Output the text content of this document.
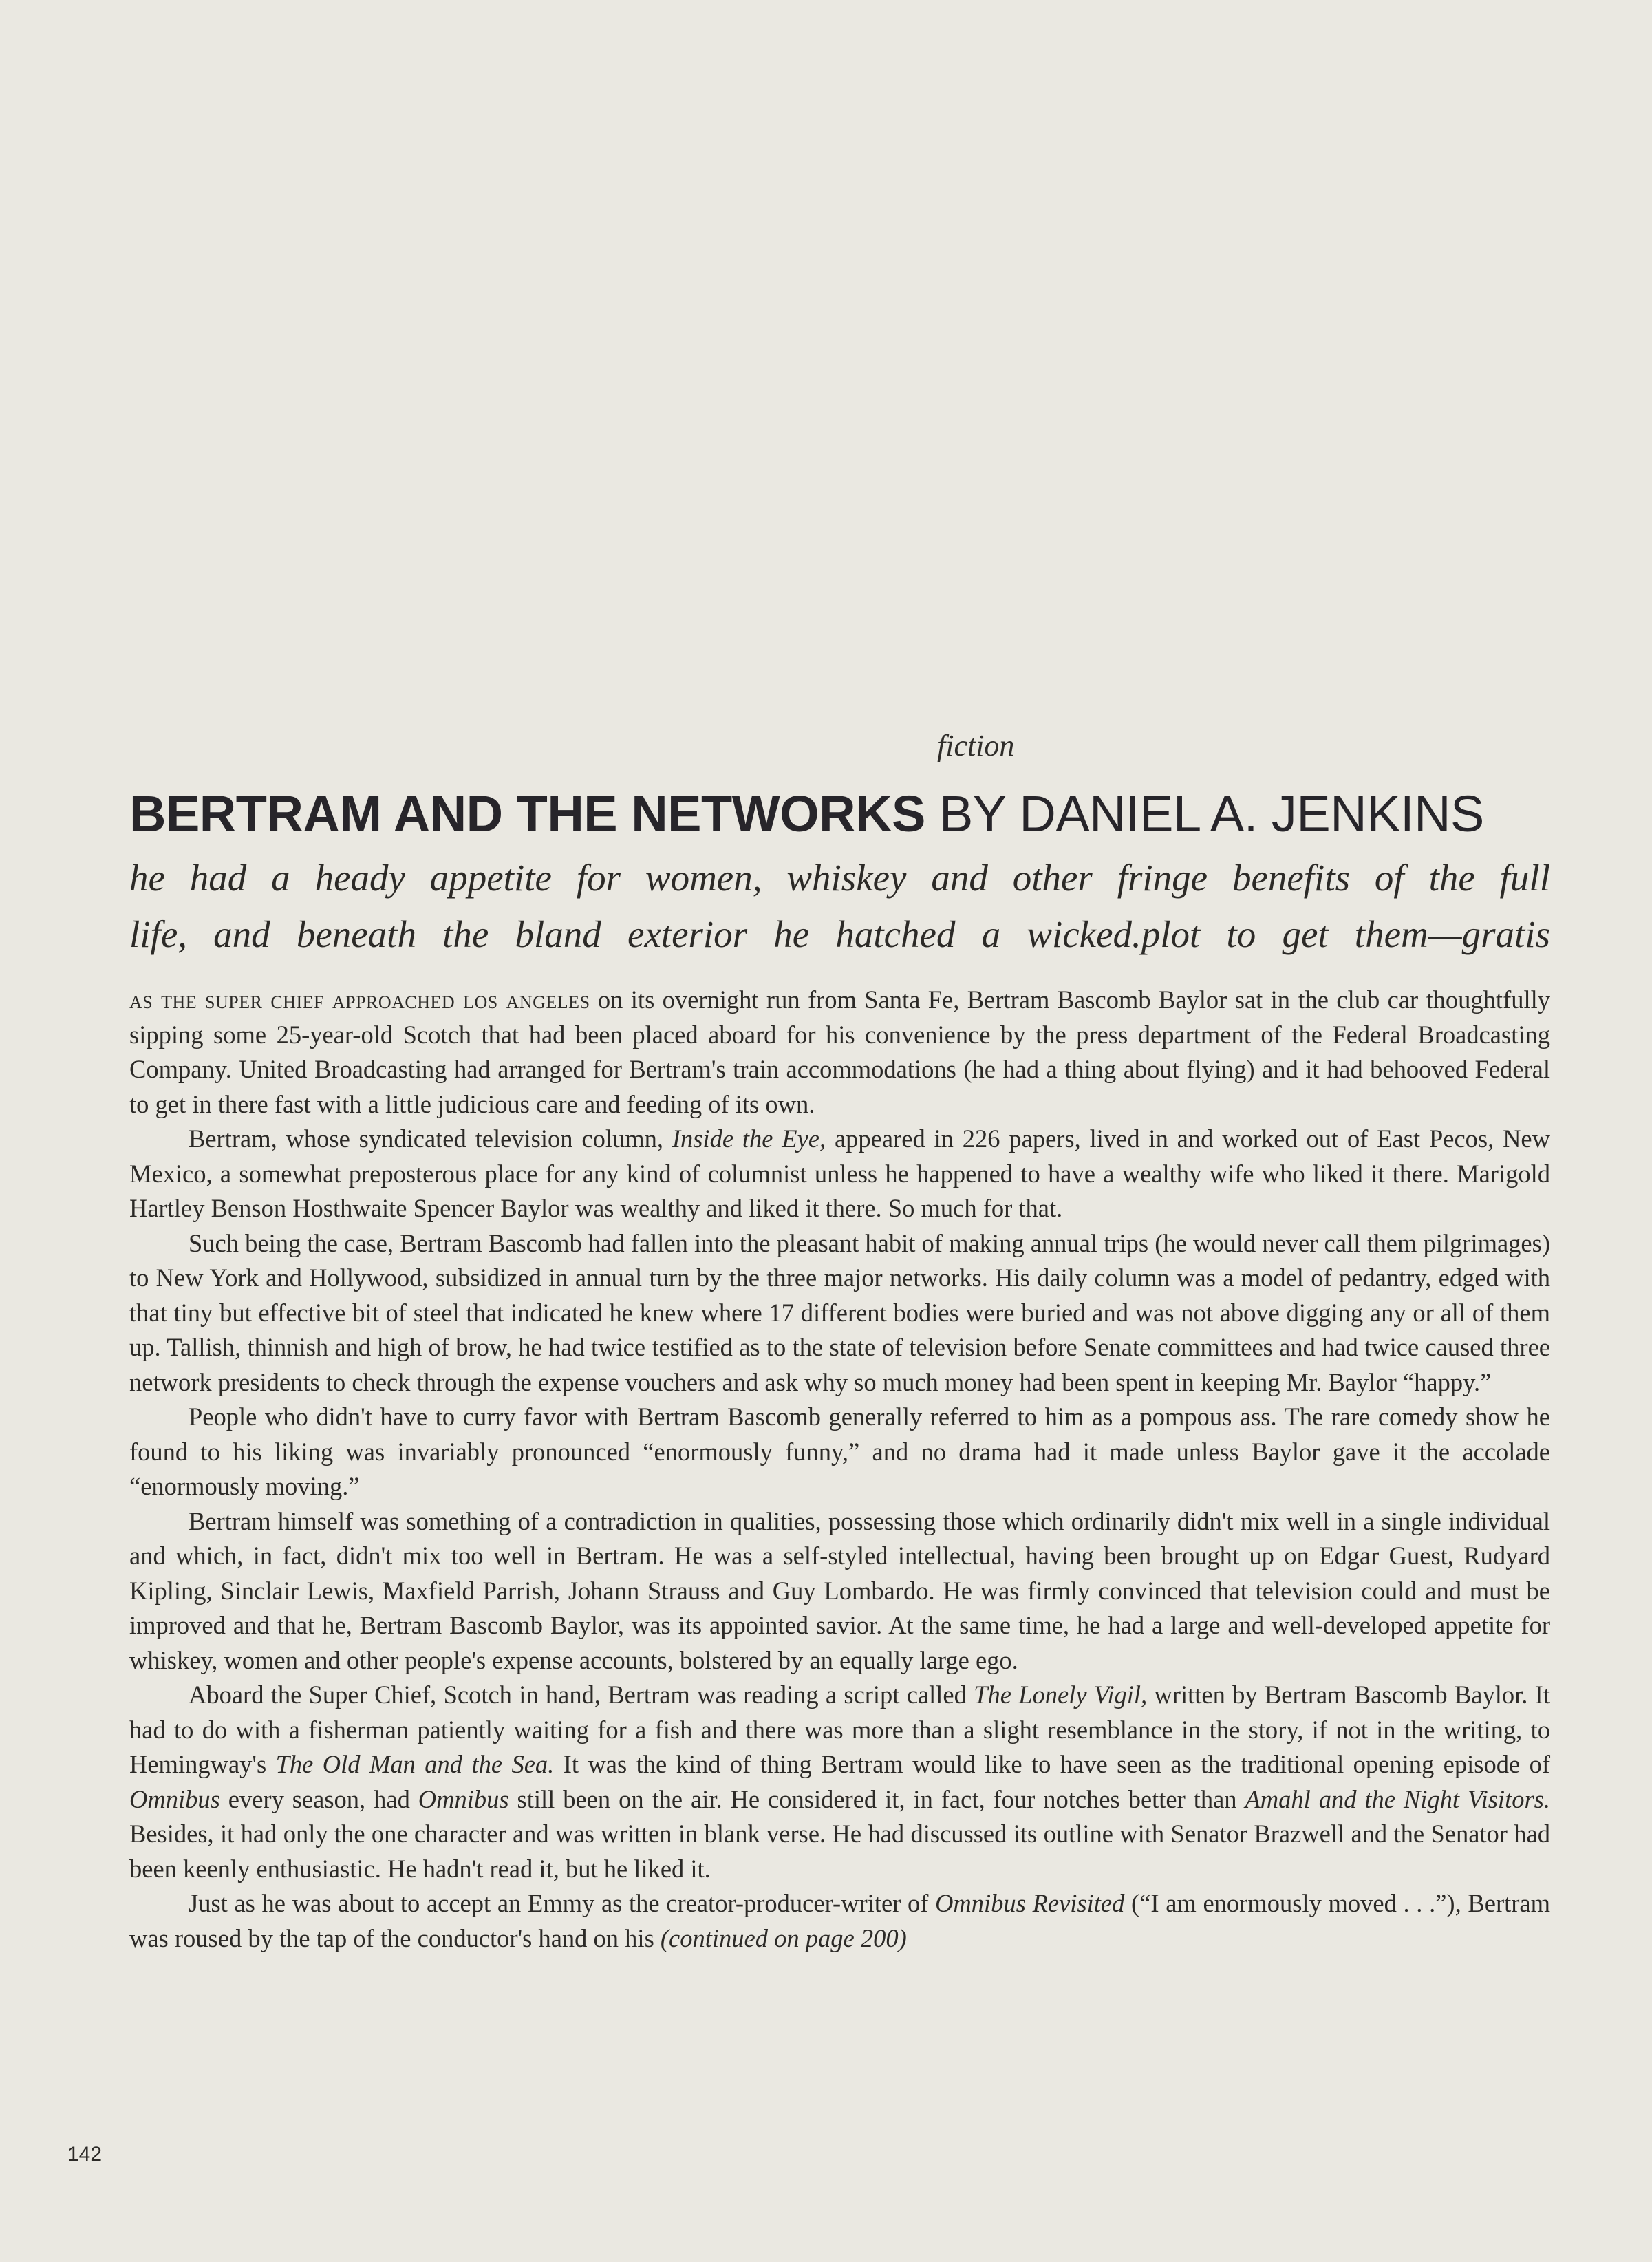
fiction
BERTRAM AND THE NETWORKS BY DANIEL A. JENKINS
he had a heady appetite for women, whiskey and other fringe benefits of the full
life, and beneath the bland exterior he hatched a wicked.plot to get them—gratis

as the super chief approached los angeles on its overnight run from Santa Fe, Bertram Bascomb Baylor sat in the club car thoughtfully sipping some 25-year-old Scotch that had been placed aboard for his convenience by the press department of the Federal Broadcasting Company. United Broadcasting had arranged for Bertram's train accommodations (he had a thing about flying) and it had behooved Federal to get in there fast with a little judicious care and feeding of its own.

Bertram, whose syndicated television column, Inside the Eye, appeared in 226 papers, lived in and worked out of East Pecos, New Mexico, a somewhat preposterous place for any kind of columnist unless he happened to have a wealthy wife who liked it there. Marigold Hartley Benson Hosthwaite Spencer Baylor was wealthy and liked it there. So much for that.

Such being the case, Bertram Bascomb had fallen into the pleasant habit of making annual trips (he would never call them pilgrimages) to New York and Hollywood, subsidized in annual turn by the three major networks. His daily column was a model of pedantry, edged with that tiny but effective bit of steel that indicated he knew where 17 different bodies were buried and was not above digging any or all of them up. Tallish, thinnish and high of brow, he had twice testified as to the state of television before Senate committees and had twice caused three network presidents to check through the expense vouchers and ask why so much money had been spent in keeping Mr. Baylor “happy.”

People who didn't have to curry favor with Bertram Bascomb generally referred to him as a pompous ass. The rare comedy show he found to his liking was invariably pronounced “enormously funny,” and no drama had it made unless Baylor gave it the accolade “enormously moving.”

Bertram himself was something of a contradiction in qualities, possessing those which ordinarily didn't mix well in a single individual and which, in fact, didn't mix too well in Bertram. He was a self-styled intellectual, having been brought up on Edgar Guest, Rudyard Kipling, Sinclair Lewis, Maxfield Parrish, Johann Strauss and Guy Lombardo. He was firmly convinced that television could and must be improved and that he, Bertram Bascomb Baylor, was its appointed savior. At the same time, he had a large and well-developed appetite for whiskey, women and other people's expense accounts, bolstered by an equally large ego.

Aboard the Super Chief, Scotch in hand, Bertram was reading a script called The Lonely Vigil, written by Bertram Bascomb Baylor. It had to do with a fisherman patiently waiting for a fish and there was more than a slight resemblance in the story, if not in the writing, to Hemingway's The Old Man and the Sea. It was the kind of thing Bertram would like to have seen as the traditional opening episode of Omnibus every season, had Omnibus still been on the air. He considered it, in fact, four notches better than Amahl and the Night Visitors. Besides, it had only the one character and was written in blank verse. He had discussed its outline with Senator Brazwell and the Senator had been keenly enthusiastic. He hadn't read it, but he liked it.

Just as he was about to accept an Emmy as the creator-producer-writer of Omnibus Revisited (“I am enormously moved . . .”), Bertram was roused by the tap of the conductor's hand on his (continued on page 200)

142
